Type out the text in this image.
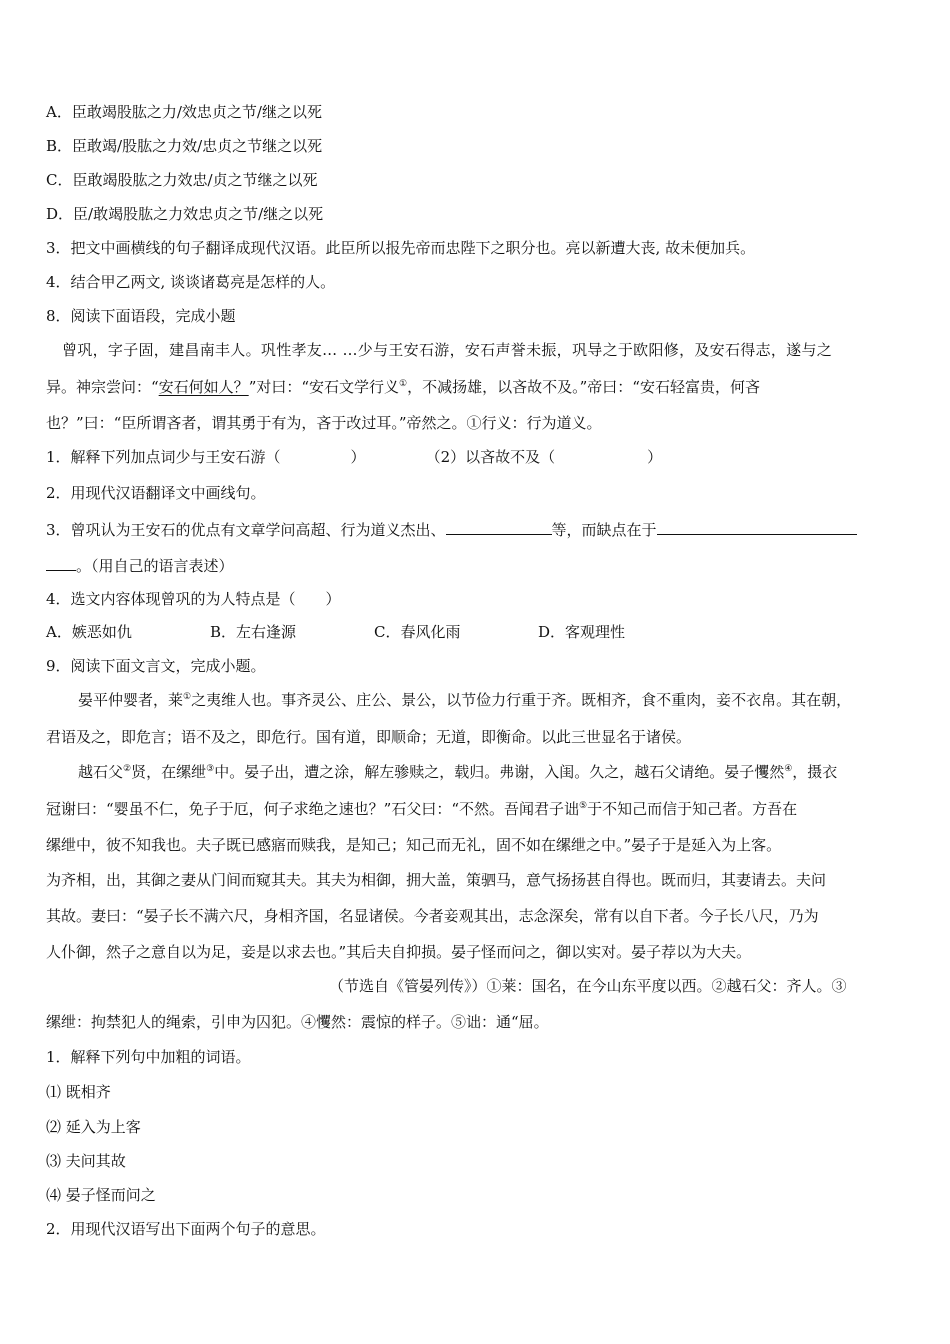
A．臣敢竭股肱之力/效忠贞之节/继之以死
B．臣敢竭/股肱之力效/忠贞之节继之以死
C．臣敢竭股肱之力效忠/贞之节继之以死
D．臣/敢竭股肱之力效忠贞之节/继之以死
3．把文中画横线的句子翻译成现代汉语。此臣所以报先帝而忠陛下之职分也。亮以新遭大丧, 故未便加兵。
4．结合甲乙两文, 谈谈诸葛亮是怎样的人。
8．阅读下面语段，完成小题
曾巩，字子固，建昌南丰人。巩性孝友… …少与王安石游，安石声誉未振，巩导之于欧阳修，及安石得志，遂与之
异。神宗尝问：“安石何如人？”对曰：“安石文学行义①，不减扬雄，以吝故不及。”帝曰：“安石轻富贵，何吝
也？”曰：“臣所谓吝者，谓其勇于有为，吝于改过耳。”帝然之。①行义：行为道义。
1．解释下列加点词少与王安石游（	）	（2）以吝故不及（	）
2．用现代汉语翻译文中画线句。
3．曾巩认为王安石的优点有文章学问高超、行为道义杰出、	等，而缺点在于
。（用自己的语言表述）
4．选文内容体现曾巩的为人特点是（　　）
A．嫉恶如仇	B．左右逢源	C．春风化雨	D．客观理性
9．阅读下面文言文，完成小题。
晏平仲婴者，莱①之夷维人也。事齐灵公、庄公、景公，以节俭力行重于齐。既相齐，食不重肉，妾不衣帛。其在朝，
君语及之，即危言；语不及之，即危行。国有道，即顺命；无道，即衡命。以此三世显名于诸侯。
越石父②贤，在缧绁③中。晏子出，遭之涂，解左骖赎之，载归。弗谢，入闺。久之，越石父请绝。晏子戄然④，摄衣
冠谢曰：“婴虽不仁，免子于厄，何子求绝之速也？”石父曰：“不然。吾闻君子诎⑤于不知己而信于知己者。方吾在
缧绁中，彼不知我也。夫子既已感寤而赎我，是知己；知己而无礼，固不如在缧绁之中。”晏子于是延入为上客。
为齐相，出，其御之妻从门间而窥其夫。其夫为相御，拥大盖，策驷马，意气扬扬甚自得也。既而归，其妻请去。夫问
其故。妻曰：“晏子长不满六尺，身相齐国，名显诸侯。今者妾观其出，志念深矣，常有以自下者。今子长八尺，乃为
人仆御，然子之意自以为足，妾是以求去也。”其后夫自抑损。晏子怪而问之，御以实对。晏子荐以为大夫。
（节选自《管晏列传》）①莱：国名，在今山东平度以西。②越石父：齐人。③
缧绁：拘禁犯人的绳索，引申为囚犯。④戄然：震惊的样子。⑤诎：通“屈。
1．解释下列句中加粗的词语。
⑴ 既相齐
⑵ 延入为上客
⑶ 夫问其故
⑷ 晏子怪而问之
2．用现代汉语写出下面两个句子的意思。
